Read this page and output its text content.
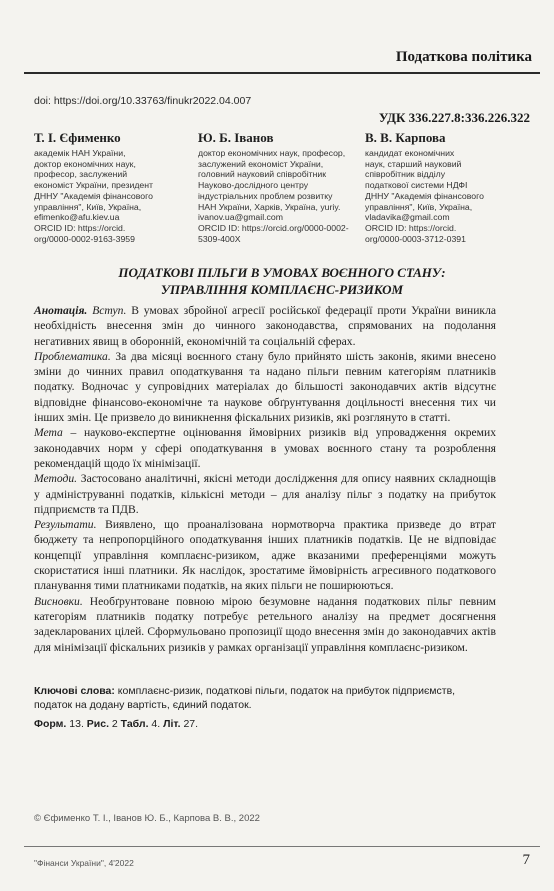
Податкова політика
doi: https://doi.org/10.33763/finukr2022.04.007
УДК 336.227.8:336.226.322
Т. І. Єфименко
академік НАН України,
доктор економічних наук,
професор, заслужений
економіст України, президент
ДННУ "Академія фінансового
управління", Київ, Україна,
efimenko@afu.kiev.ua
ORCID ID: https://orcid.
org/0000-0002-9163-3959
Ю. Б. Іванов
доктор економічних наук, професор,
заслужений економіст України,
головний науковий співробітник
Науково-дослідного центру
індустріальних проблем розвитку
НАН України, Харків, Україна, yuriy.
ivanov.ua@gmail.com
ORCID ID: https://orcid.org/0000-0002-
5309-400X
В. В. Карпова
кандидат економічних
наук, старший науковий
співробітник відділу
податкової системи НДФІ
ДННУ "Академія фінансового
управління", Київ, Україна,
vladavika@gmail.com
ORCID ID: https://orcid.
org/0000-0003-3712-0391
ПОДАТКОВІ ПІЛЬГИ В УМОВАХ ВОЄННОГО СТАНУ:
УПРАВЛІННЯ КОМПЛАЄНС-РИЗИКОМ

Анотація. Вступ. В умовах збройної агресії російської федерації проти України виникла необхідність внесення змін до чинного законодавства, спрямованих на подолання негативних явищ в оборонній, економічній та соціальній сферах.

Проблематика. За два місяці воєнного стану було прийнято шість законів, якими внесено зміни до чинних правил оподаткування та надано пільги певним категоріям платників податку. Водночас у супровідних матеріалах до більшості законодавчих актів відсутнє відповідне фінансово-економічне та наукове обґрунтування доцільності внесення тих чи інших змін. Це призвело до виникнення фіскальних ризиків, які розглянуто в статті.

Мета – науково-експертне оцінювання ймовірних ризиків від упровадження окремих законодавчих норм у сфері оподаткування в умовах воєнного стану та розроблення рекомендацій щодо їх мінімізації.

Методи. Застосовано аналітичні, якісні методи дослідження для опису наявних складнощів у адмініструванні податків, кількісні методи – для аналізу пільг з податку на прибуток підприємств та ПДВ.

Результати. Виявлено, що проаналізована нормотворча практика призведе до втрат бюджету та непропорційного оподаткування інших платників податків. Це не відповідає концепції управління комплаєнс-ризиком, адже вказаними преференціями можуть скористатися інші платники. Як наслідок, зростатиме ймовірність агресивного податкового планування тими платниками податків, на яких пільги не поширюються.

Висновки. Необґрунтоване повною мірою безумовне надання податкових пільг певним категоріям платників податку потребує ретельного аналізу на предмет досягнення задекларованих цілей. Сформульовано пропозиції щодо внесення змін до законодавчих актів для мінімізації фіскальних ризиків у рамках організації управління комплаєнс-ризиком.

Ключові слова: комплаєнс-ризик, податкові пільги, податок на прибуток підприємств, податок на додану вартість, єдиний податок.
Форм. 13. Рис. 2 Табл. 4. Літ. 27.
© Єфименко Т. І., Іванов Ю. Б., Карпова В. В., 2022
"Фінанси України", 4'2022	7
